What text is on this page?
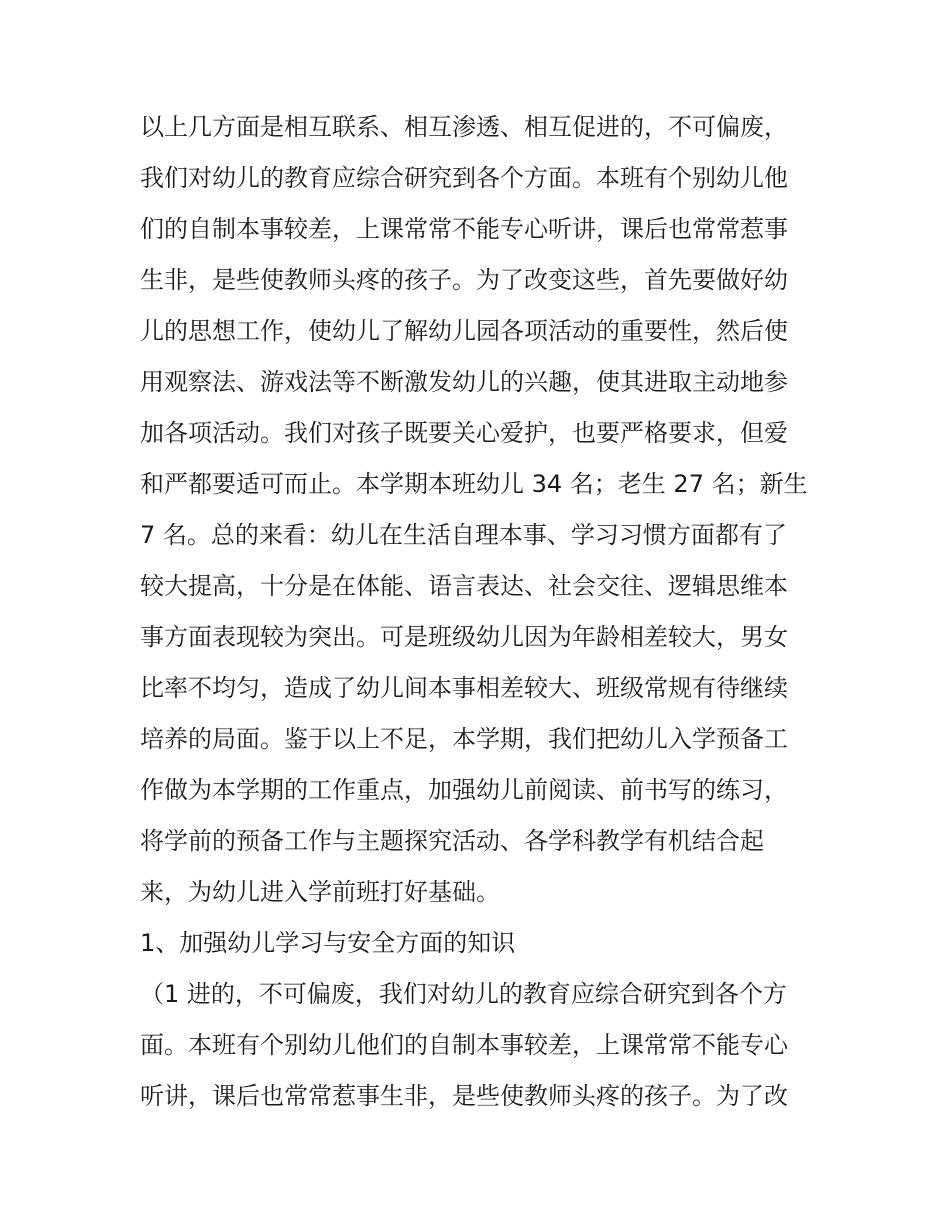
以上几方面是相互联系、相互渗透、相互促进的，不可偏废，
我们对幼儿的教育应综合研究到各个方面。本班有个别幼儿他
们的自制本事较差，上课常常不能专心听讲，课后也常常惹事
生非，是些使教师头疼的孩子。为了改变这些，首先要做好幼
儿的思想工作，使幼儿了解幼儿园各项活动的重要性，然后使
用观察法、游戏法等不断激发幼儿的兴趣，使其进取主动地参
加各项活动。我们对孩子既要关心爱护，也要严格要求，但爱
和严都要适可而止。本学期本班幼儿 34 名；老生 27 名；新生
7 名。总的来看：幼儿在生活自理本事、学习习惯方面都有了
较大提高，十分是在体能、语言表达、社会交往、逻辑思维本
事方面表现较为突出。可是班级幼儿因为年龄相差较大，男女
比率不均匀，造成了幼儿间本事相差较大、班级常规有待继续
培养的局面。鉴于以上不足，本学期，我们把幼儿入学预备工
作做为本学期的工作重点，加强幼儿前阅读、前书写的练习，
将学前的预备工作与主题探究活动、各学科教学有机结合起
来，为幼儿进入学前班打好基础。
1、加强幼儿学习与安全方面的知识
（1 进的，不可偏废，我们对幼儿的教育应综合研究到各个方
面。本班有个别幼儿他们的自制本事较差，上课常常不能专心
听讲，课后也常常惹事生非，是些使教师头疼的孩子。为了改
